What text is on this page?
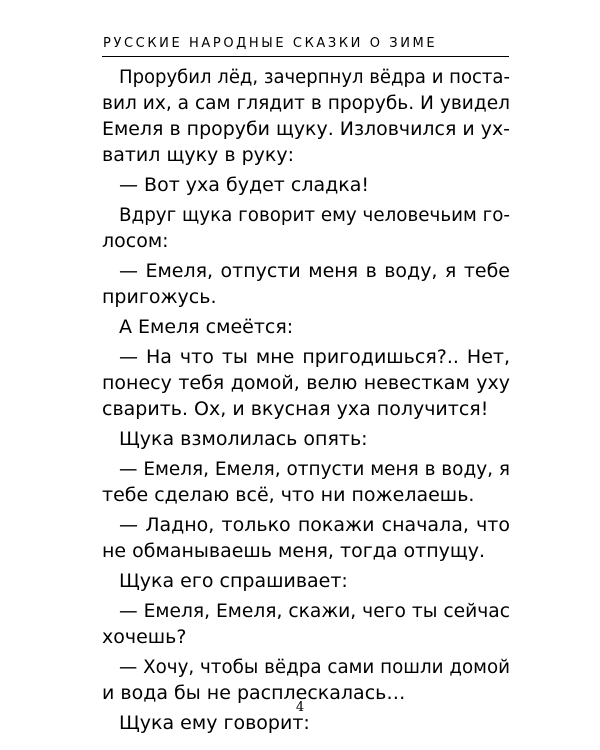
РУССКИЕ НАРОДНЫЕ СКАЗКИ О ЗИМЕ
Прорубил лёд, зачерпнул вёдра и поста-
вил их, а сам глядит в прорубь. И увидел
Емеля в проруби щуку. Изловчился и ух-
ватил щуку в руку:
— Вот уха будет сладка!
Вдруг щука говорит ему человечьим го-
лосом:
— Емеля, отпусти меня в воду, я тебе
пригожусь.
А Емеля смеётся:
— На что ты мне пригодишься?.. Нет,
понесу тебя домой, велю невесткам уху
сварить. Ох, и вкусная уха получится!
Щука взмолилась опять:
— Емеля, Емеля, отпусти меня в воду, я
тебе сделаю всё, что ни пожелаешь.
— Ладно, только покажи сначала, что
не обманываешь меня, тогда отпущу.
Щука его спрашивает:
— Емеля, Емеля, скажи, чего ты сейчас
хочешь?
— Хочу, чтобы вёдра сами пошли домой
и вода бы не расплескалась…
Щука ему говорит:
4
